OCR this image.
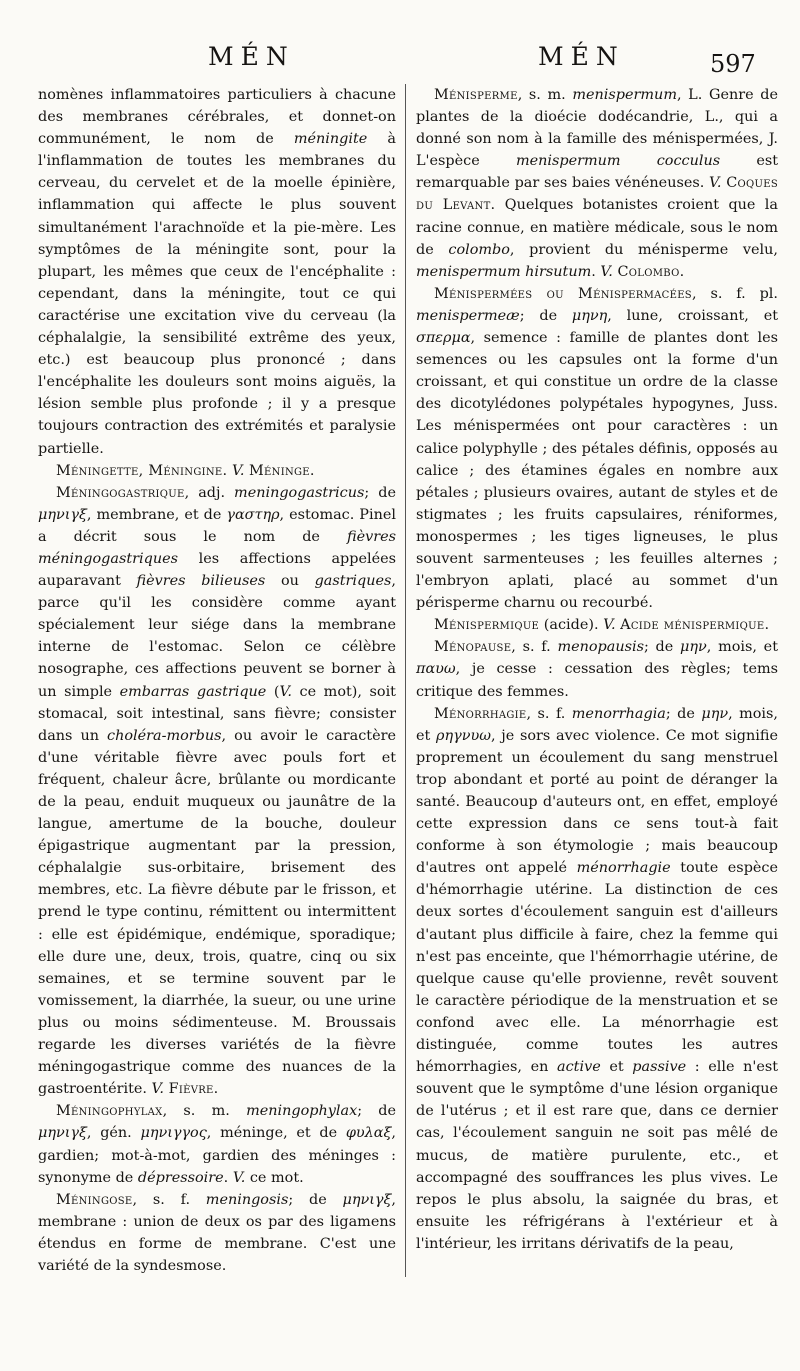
MÉN	MÉN	597

nomènes inflammatoires particuliers à chacune des membranes cérébrales, et donnet-on communément, le nom de méningite à l'inflammation de toutes les membranes du cerveau, du cervelet et de la moelle épinière, inflammation qui affecte le plus souvent simultanément l'arachnoïde et la pie-mère. Les symptômes de la méningite sont, pour la plupart, les mêmes que ceux de l'encéphalite : cependant, dans la méningite, tout ce qui caractérise une excitation vive du cerveau (la céphalalgie, la sensibilité extrême des yeux, etc.) est beaucoup plus prononcé ; dans l'encéphalite les douleurs sont moins aiguës, la lésion semble plus profonde ; il y a presque toujours contraction des extrémités et paralysie partielle.

Méningette, Méningine. V. Méninge.

Méningogastrique, adj. meningogastricus; de μηνιγξ, membrane, et de γαστηρ, estomac. Pinel a décrit sous le nom de fièvres méningogastriques les affections appelées auparavant fièvres bilieuses ou gastriques, parce qu'il les considère comme ayant spécialement leur siége dans la membrane interne de l'estomac. Selon ce célèbre nosographe, ces affections peuvent se borner à un simple embarras gastrique (V. ce mot), soit stomacal, soit intestinal, sans fièvre; consister dans un choléra-morbus, ou avoir le caractère d'une véritable fièvre avec pouls fort et fréquent, chaleur âcre, brûlante ou mordicante de la peau, enduit muqueux ou jaunâtre de la langue, amertume de la bouche, douleur épigastrique augmentant par la pression, céphalalgie sus-orbitaire, brisement des membres, etc. La fièvre débute par le frisson, et prend le type continu, rémittent ou intermittent : elle est épidémique, endémique, sporadique; elle dure une, deux, trois, quatre, cinq ou six semaines, et se termine souvent par le vomissement, la diarrhée, la sueur, ou une urine plus ou moins sédimenteuse. M. Broussais regarde les diverses variétés de la fièvre méningogastrique comme des nuances de la gastroentérite. V. Fièvre.

Méningophylax, s. m. meningophylax; de μηνιγξ, gén. μηνιγγος, méninge, et de φυλαξ, gardien; mot-à-mot, gardien des méninges : synonyme de dépressoire. V. ce mot.

Méningose, s. f. meningosis; de μηνιγξ, membrane : union de deux os par des ligamens étendus en forme de membrane. C'est une variété de la syndesmose.

Ménisperme, s. m. menispermum, L. Genre de plantes de la dioécie dodécandrie, L., qui a donné son nom à la famille des ménispermées, J. L'espèce menispermum cocculus est remarquable par ses baies vénéneuses. V. Coques du Levant. Quelques botanistes croient que la racine connue, en matière médicale, sous le nom de colombo, provient du ménisperme velu, menispermum hirsutum. V. Colombo.

Ménispermées ou Ménispermacées, s. f. pl. menispermeæ; de μηνη, lune, croissant, et σπερμα, semence : famille de plantes dont les semences ou les capsules ont la forme d'un croissant, et qui constitue un ordre de la classe des dicotylédones polypétales hypogynes, Juss. Les ménispermées ont pour caractères : un calice polyphylle ; des pétales définis, opposés au calice ; des étamines égales en nombre aux pétales ; plusieurs ovaires, autant de styles et de stigmates ; les fruits capsulaires, réniformes, monospermes ; les tiges ligneuses, le plus souvent sarmenteuses ; les feuilles alternes ; l'embryon aplati, placé au sommet d'un périsperme charnu ou recourbé.

Ménispermique (acide). V. Acide ménispermique.

Ménopause, s. f. menopausis; de μην, mois, et παυω, je cesse : cessation des règles; tems critique des femmes.

Ménorrhagie, s. f. menorrhagia; de μην, mois, et ρηγνυω, je sors avec violence. Ce mot signifie proprement un écoulement du sang menstruel trop abondant et porté au point de déranger la santé. Beaucoup d'auteurs ont, en effet, employé cette expression dans ce sens tout-à fait conforme à son étymologie ; mais beaucoup d'autres ont appelé ménorrhagie toute espèce d'hémorrhagie utérine. La distinction de ces deux sortes d'écoulement sanguin est d'ailleurs d'autant plus difficile à faire, chez la femme qui n'est pas enceinte, que l'hémorrhagie utérine, de quelque cause qu'elle provienne, revêt souvent le caractère périodique de la menstruation et se confond avec elle. La ménorrhagie est distinguée, comme toutes les autres hémorrhagies, en active et passive : elle n'est souvent que le symptôme d'une lésion organique de l'utérus ; et il est rare que, dans ce dernier cas, l'écoulement sanguin ne soit pas mêlé de mucus, de matière purulente, etc., et accompagné des souffrances les plus vives. Le repos le plus absolu, la saignée du bras, et ensuite les réfrigérans à l'extérieur et à l'intérieur, les irritans dérivatifs de la peau,
